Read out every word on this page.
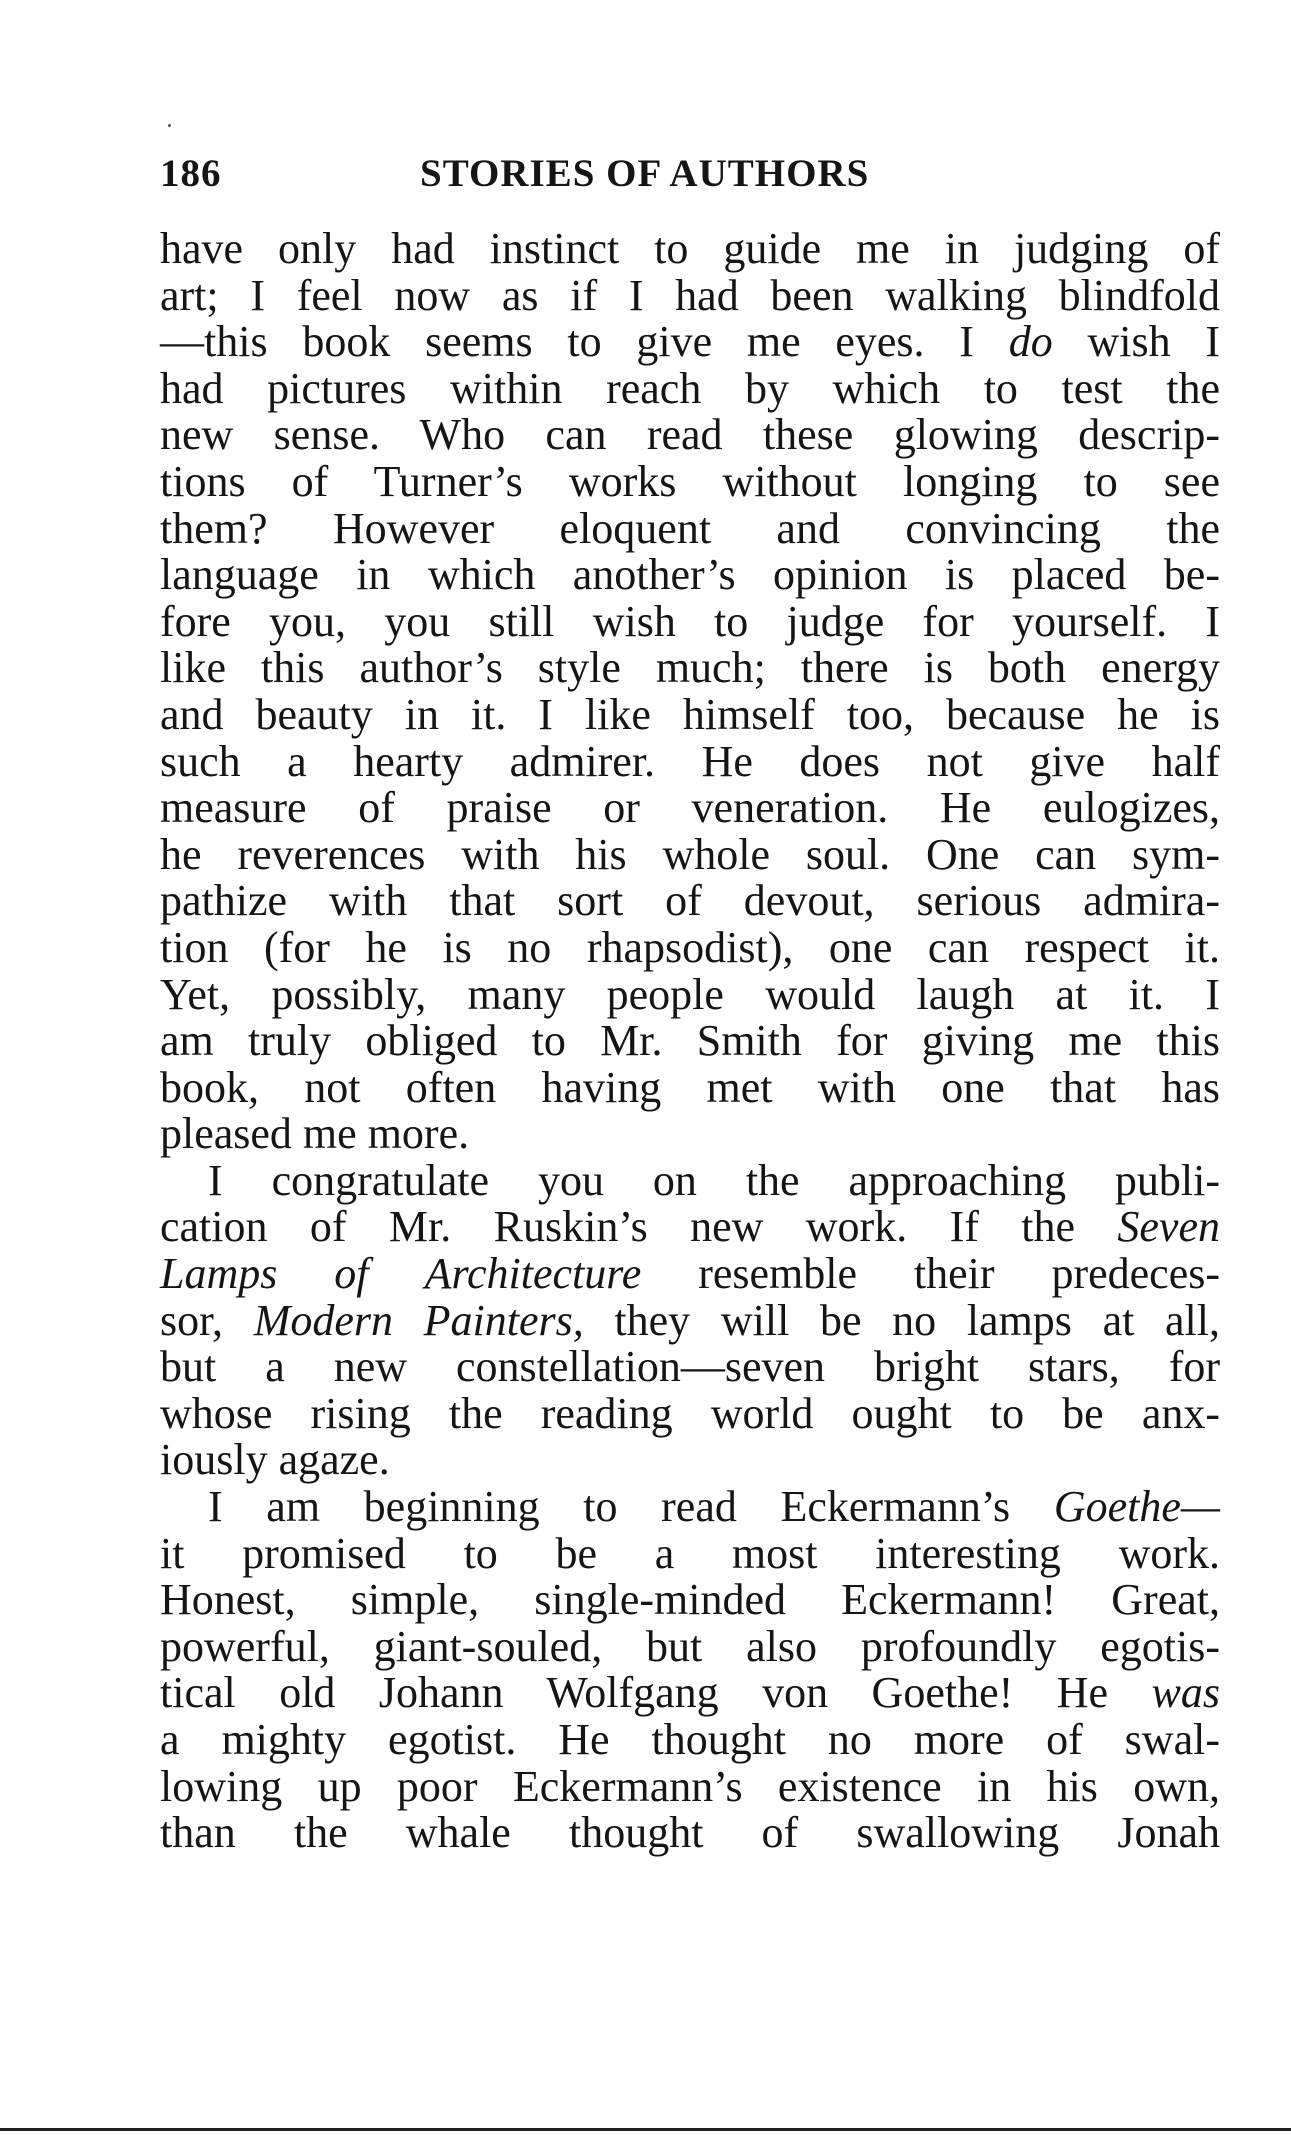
186	STORIES OF AUTHORS
have only had instinct to guide me in judging of
art; I feel now as if I had been walking blindfold
—this book seems to give me eyes. I do wish I
had pictures within reach by which to test the
new sense. Who can read these glowing descrip-
tions of Turner’s works without longing to see
them? However eloquent and convincing the
language in which another’s opinion is placed be-
fore you, you still wish to judge for yourself. I
like this author’s style much; there is both energy
and beauty in it. I like himself too, because he is
such a hearty admirer. He does not give half
measure of praise or veneration. He eulogizes,
he reverences with his whole soul. One can sym-
pathize with that sort of devout, serious admira-
tion (for he is no rhapsodist), one can respect it.
Yet, possibly, many people would laugh at it. I
am truly obliged to Mr. Smith for giving me this
book, not often having met with one that has
pleased me more.
I congratulate you on the approaching publi-
cation of Mr. Ruskin’s new work. If the Seven
Lamps of Architecture resemble their predeces-
sor, Modern Painters, they will be no lamps at all,
but a new constellation—seven bright stars, for
whose rising the reading world ought to be anx-
iously agaze.
I am beginning to read Eckermann’s Goethe—
it promised to be a most interesting work.
Honest, simple, single-minded Eckermann! Great,
powerful, giant-souled, but also profoundly egotis-
tical old Johann Wolfgang von Goethe! He was
a mighty egotist. He thought no more of swal-
lowing up poor Eckermann’s existence in his own,
than the whale thought of swallowing Jonah
